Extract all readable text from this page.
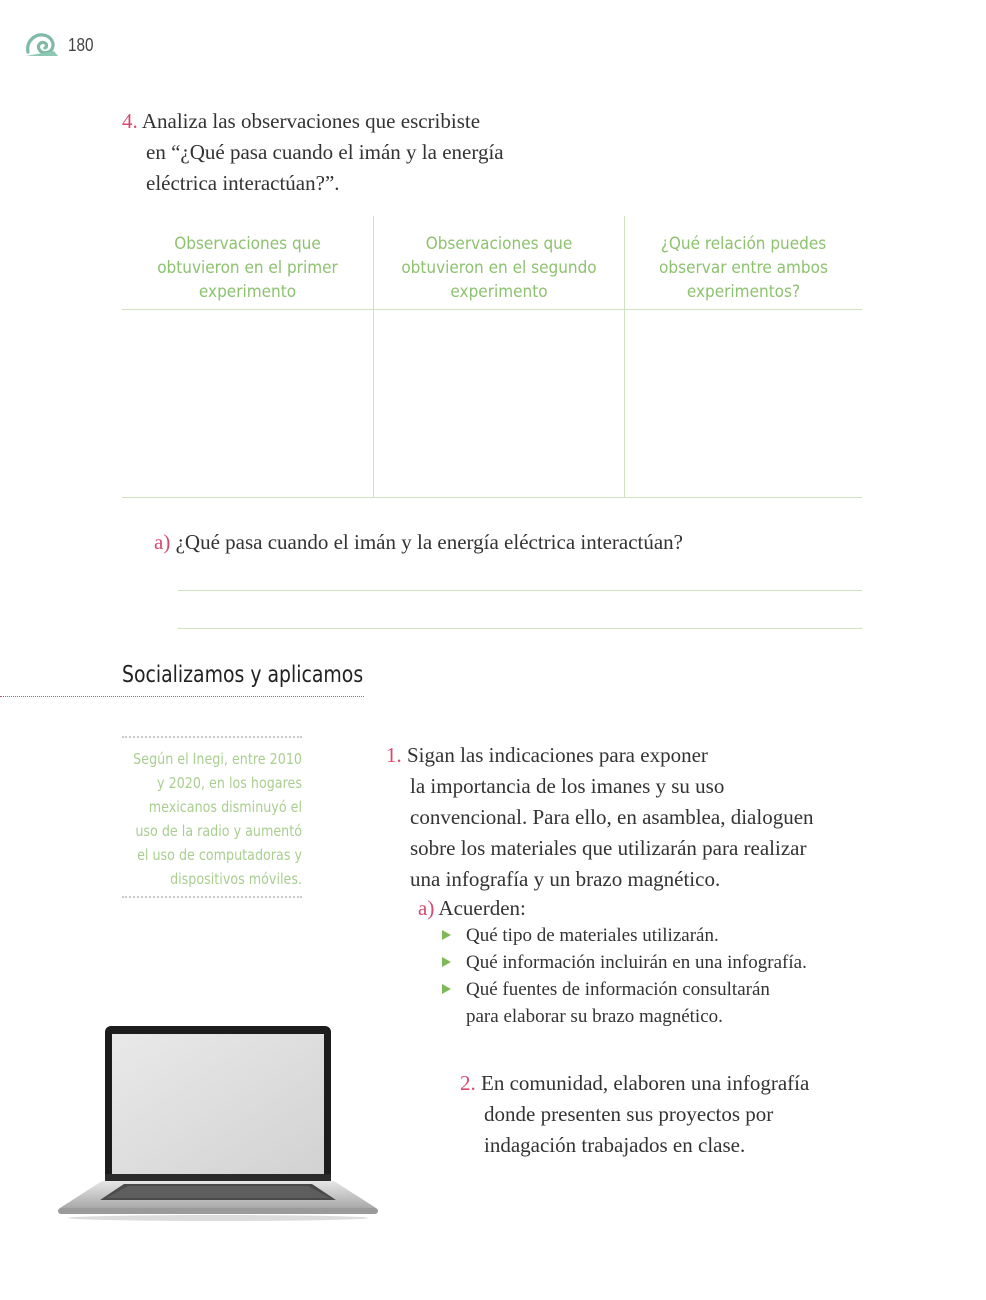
180
4. Analiza las observaciones que escribiste
en “¿Qué pasa cuando el imán y la energía
eléctrica interactúan?”.
Observaciones que
obtuvieron en el primer
experimento
Observaciones que
obtuvieron en el segundo
experimento
¿Qué relación puedes
observar entre ambos
experimentos?
a) ¿Qué pasa cuando el imán y la energía eléctrica interactúan?
Socializamos y aplicamos
Según el Inegi, entre 2010
y 2020, en los hogares
mexicanos disminuyó el
uso de la radio y aumentó
el uso de computadoras y
dispositivos móviles.
1. Sigan las indicaciones para exponer
la importancia de los imanes y su uso
convencional. Para ello, en asamblea, dialoguen
sobre los materiales que utilizarán para realizar
una infografía y un brazo magnético.
a) Acuerden:
Qué tipo de materiales utilizarán.
Qué información incluirán en una infografía.
Qué fuentes de información consultarán
para elaborar su brazo magnético.
2. En comunidad, elaboren una infografía
donde presenten sus proyectos por
indagación trabajados en clase.
